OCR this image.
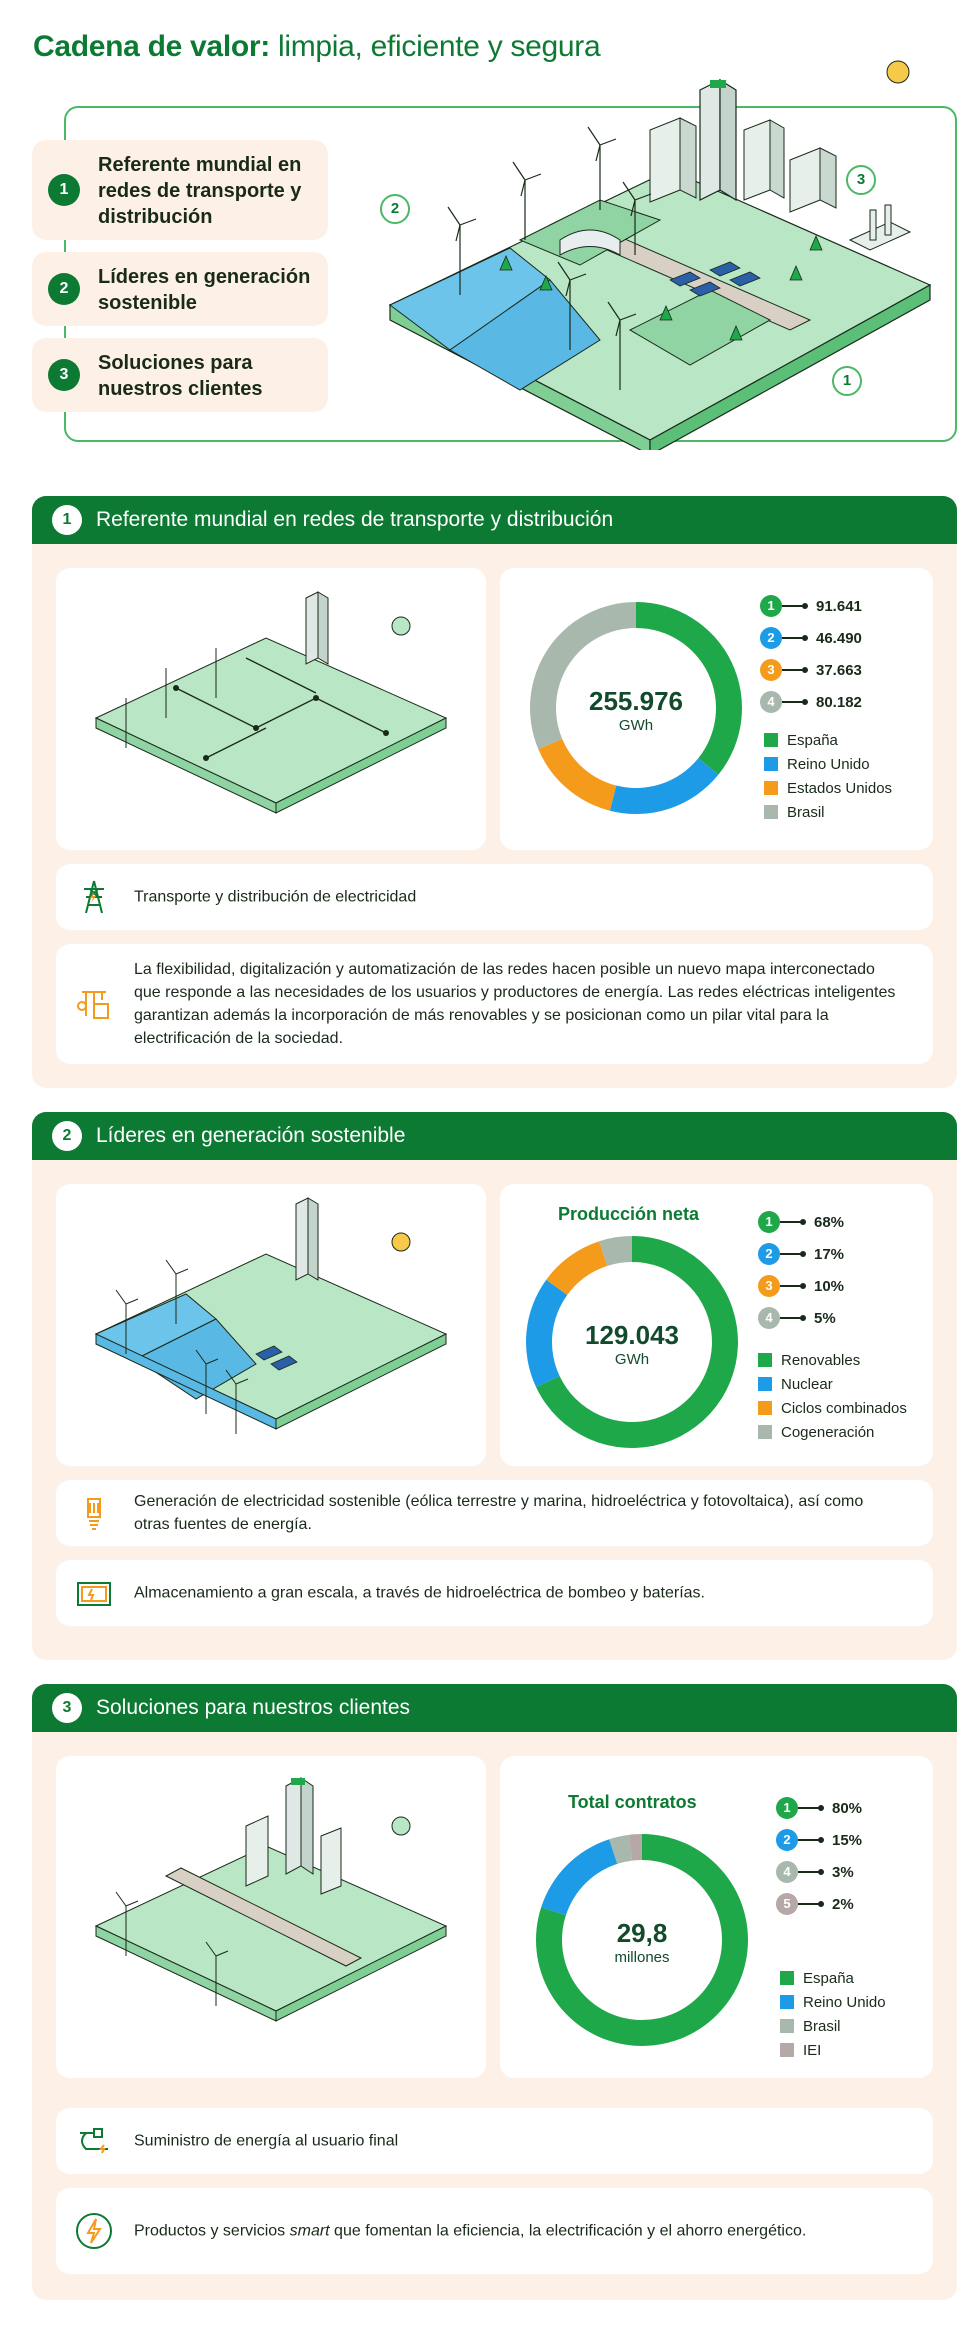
Cadena de valor: limpia, eficiente y segura
1
Referente mundial en redes de transporte y distribución
2
Líderes en generación sostenible
3
Soluciones para nuestros clientes
2
3
1
1	Referente mundial en redes de transporte y distribución
255.976
GWh
1	91.641
2	46.490
3	37.663
4	80.182
España
Reino Unido
Estados Unidos
Brasil
Transporte y distribución de electricidad
La flexibilidad, digitalización y automatización de las redes hacen posible un nuevo mapa interconectado que responde a las necesidades de los usuarios y productores de energía. Las redes eléctricas inteligentes garantizan además la incorporación de más renovables y se posicionan como un pilar vital para la electrificación de la sociedad.
2	Líderes en generación sostenible
Producción neta
129.043
GWh
1	68%
2	17%
3	10%
4	5%
Renovables
Nuclear
Ciclos combinados
Cogeneración
Generación de electricidad sostenible (eólica terrestre y marina, hidroeléctrica y fotovoltaica), así como otras fuentes de energía.
Almacenamiento a gran escala, a través de hidroeléctrica de bombeo y baterías.
3	Soluciones para nuestros clientes
Total contratos
29,8
millones
1	80%
2	15%
4	3%
5	2%
España
Reino Unido
Brasil
IEI
Suministro de energía al usuario final
Productos y servicios smart que fomentan la eficiencia, la electrificación y el ahorro energético.
